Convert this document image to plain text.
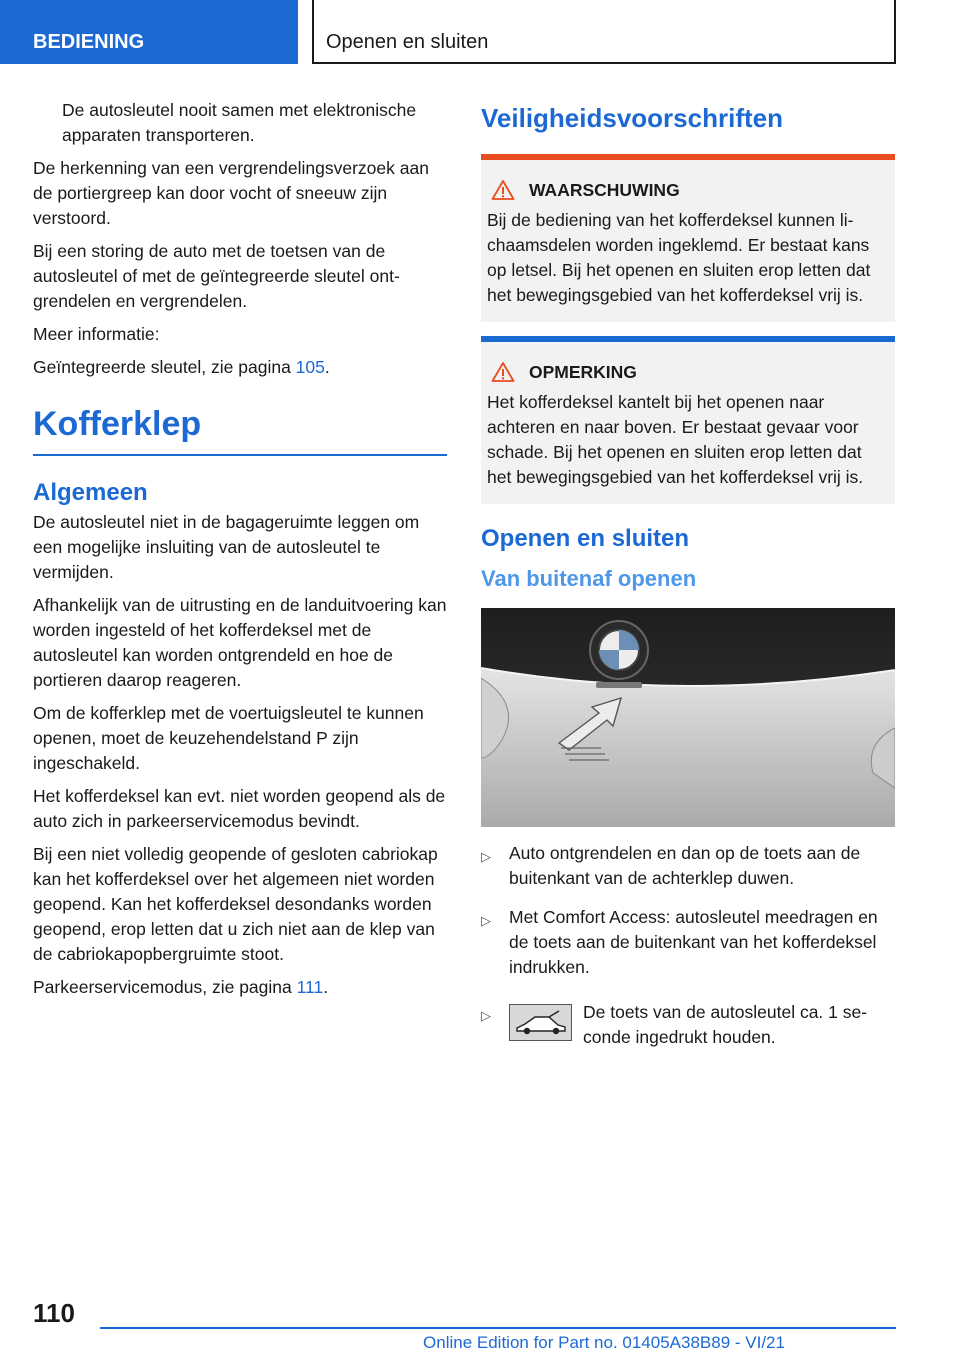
BEDIENING	Openen en sluiten

De autosleutel nooit samen met elektronische apparaten transporteren.

De herkenning van een vergrendelingsverzoek aan de portiergreep kan door vocht of sneeuw zijn verstoord.

Bij een storing de auto met de toetsen van de autosleutel of met de geïntegreerde sleutel ontgrendelen en vergrendelen.

Meer informatie:

Geïntegreerde sleutel, zie pagina 105.

Kofferklep
Algemeen

De autosleutel niet in de bagageruimte leggen om een mogelijke insluiting van de autosleutel te vermijden.

Afhankelijk van de uitrusting en de landuitvoering kan worden ingesteld of het kofferdeksel met de autosleutel kan worden ontgrendeld en hoe de portieren daarop reageren.

Om de kofferklep met de voertuigsleutel te kunnen openen, moet de keuzehendelstand P zijn ingeschakeld.

Het kofferdeksel kan evt. niet worden geopend als de auto zich in parkeerservicemodus bevindt.

Bij een niet volledig geopende of gesloten cabriokap kan het kofferdeksel over het algemeen niet worden geopend. Kan het kofferdeksel desondanks worden geopend, erop letten dat u zich niet aan de klep van de cabriokapopbergruimte stoot.

Parkeerservicemodus, zie pagina 111.

Veiligheidsvoorschriften
WAARSCHUWING

Bij de bediening van het kofferdeksel kunnen lichaamsdelen worden ingeklemd. Er bestaat kans op letsel. Bij het openen en sluiten erop letten dat het bewegingsgebied van het kofferdeksel vrij is.

OPMERKING

Het kofferdeksel kantelt bij het openen naar achteren en naar boven. Er bestaat gevaar voor schade. Bij het openen en sluiten erop letten dat het bewegingsgebied van het kofferdeksel vrij is.

Openen en sluiten
Van buitenaf openen
▷	Auto ontgrendelen en dan op de toets aan de buitenkant van de achterklep duwen.
▷	Met Comfort Access: autosleutel meedragen en de toets aan de buitenkant van het kofferdeksel indrukken.
▷	De toets van de autosleutel ca. 1 seconde ingedrukt houden.
110
Online Edition for Part no. 01405A38B89 - VI/21
